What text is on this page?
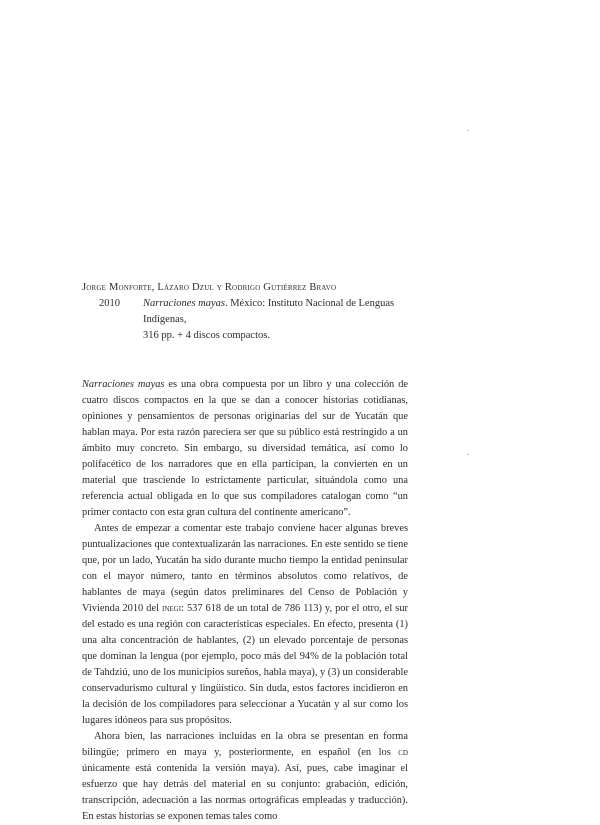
Jorge Monforte, Lázaro Dzul y Rodrigo Gutiérrez Bravo
2010	Narraciones mayas. México: Instituto Nacional de Lenguas Indígenas,
316 pp. + 4 discos compactos.

Narraciones mayas es una obra compuesta por un libro y una colección de cuatro discos compactos en la que se dan a conocer historias cotidianas, opiniones y pensamientos de personas originarias del sur de Yucatán que hablan maya. Por esta razón pareciera ser que su público está restringido a un ámbito muy concreto. Sin embargo, su diversidad temática, así como lo polifacético de los narradores que en ella participan, la convierten en un material que trasciende lo estrictamente particular, situándola como una referencia actual obligada en lo que sus compiladores catalogan como “un primer contacto con esta gran cultura del continente americano”.

Antes de empezar a comentar este trabajo conviene hacer algunas breves puntualizaciones que contextualizarán las narraciones. En este sentido se tiene que, por un lado, Yucatán ha sido durante mucho tiempo la entidad peninsular con el mayor número, tanto en términos absolutos como relativos, de hablantes de maya (según datos preliminares del Censo de Población y Vivienda 2010 del inegi: 537 618 de un total de 786 113) y, por el otro, el sur del estado es una región con características especiales. En efecto, presenta (1) una alta concentración de hablantes, (2) un elevado porcentaje de personas que dominan la lengua (por ejemplo, poco más del 94% de la población total de Tahdziú, uno de los municipios sureños, habla maya), y (3) un considerable conservadurismo cultural y lingüístico. Sin duda, estos factores incidieron en la decisión de los compiladores para seleccionar a Yucatán y al sur como los lugares idóneos para sus propósitos.

Ahora bien, las narraciones incluidas en la obra se presentan en forma bilingüe; primero en maya y, posteriormente, en español (en los cd únicamente está contenida la versión maya). Así, pues, cabe imaginar el esfuerzo que hay detrás del material en su conjunto: grabación, edición, transcripción, adecuación a las normas ortográficas empleadas y traducción). En estas historias se exponen temas tales como
